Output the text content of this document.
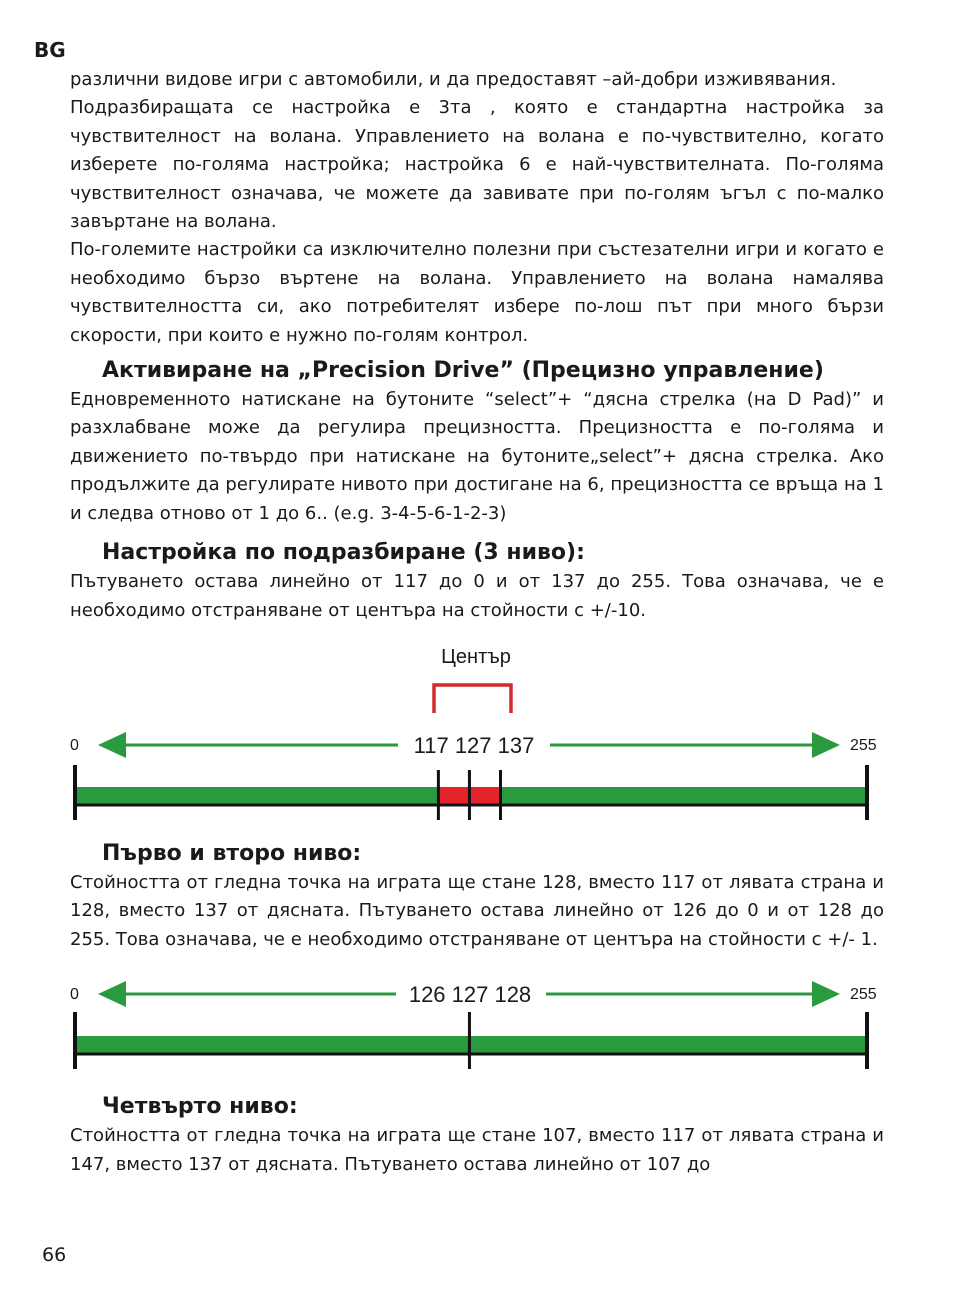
BG

различни видове игри с автомобили, и да предоставят –ай-добри изживявания.

Подразбиращата се настройка е 3та , която е стандартна настройка за чувствителност на волана. Управлението на волана е по-чувствително, когато изберете по-голяма настройка; настройка 6 е най-чувствителната. По-голяма чувствителност означава, че можете да завивате при по-голям ъгъл с по-малко завъртане на волана.

По-големите настройки са изключително полезни при състезателни игри и когато е необходимо бързо въртене на волана. Управлението на волана намалява чувствителността си, ако потребителят избере по-лош път при много бързи скорости, при които е нужно по-голям контрол.

Активиране на „Precision Drive” (Прецизно управление)

Едновременното натискане на бутоните “select”+ “дясна стрелка (на D Pad)” и разхлабване може да регулира прецизността. Прецизността е по-голяма и движението по-твърдо при натискане на бутоните„select”+ дясна стрелка. Ако продължите да регулирате нивото при достигане на 6, прецизността се връща на 1 и следва отново от 1 до 6.. (e.g. 3-4-5-6-1-2-3)

Настройка по подразбиране (3 ниво):

Пътуването остава линейно от 117 до 0 и от 137 до 255. Това означава, че е необходимо отстраняване от центъра на стойности с +/-10.

Център
0	255
117 127 137
Първо и второ ниво:

Стойността от гледна точка на играта ще стане 128, вместо 117 от лявата страна и 128, вместо 137 от дясната. Пътуването остава линейно от 126 до 0 и от 128 до 255. Това означава, че е необходимо отстраняване от центъра на стойности с +/- 1.

0	255
126 127 128
Четвърто ниво:

Стойността от гледна точка на играта ще стане 107, вместо 117 от лявата страна и 147, вместо 137 от дясната. Пътуването остава линейно от 107 до

66
